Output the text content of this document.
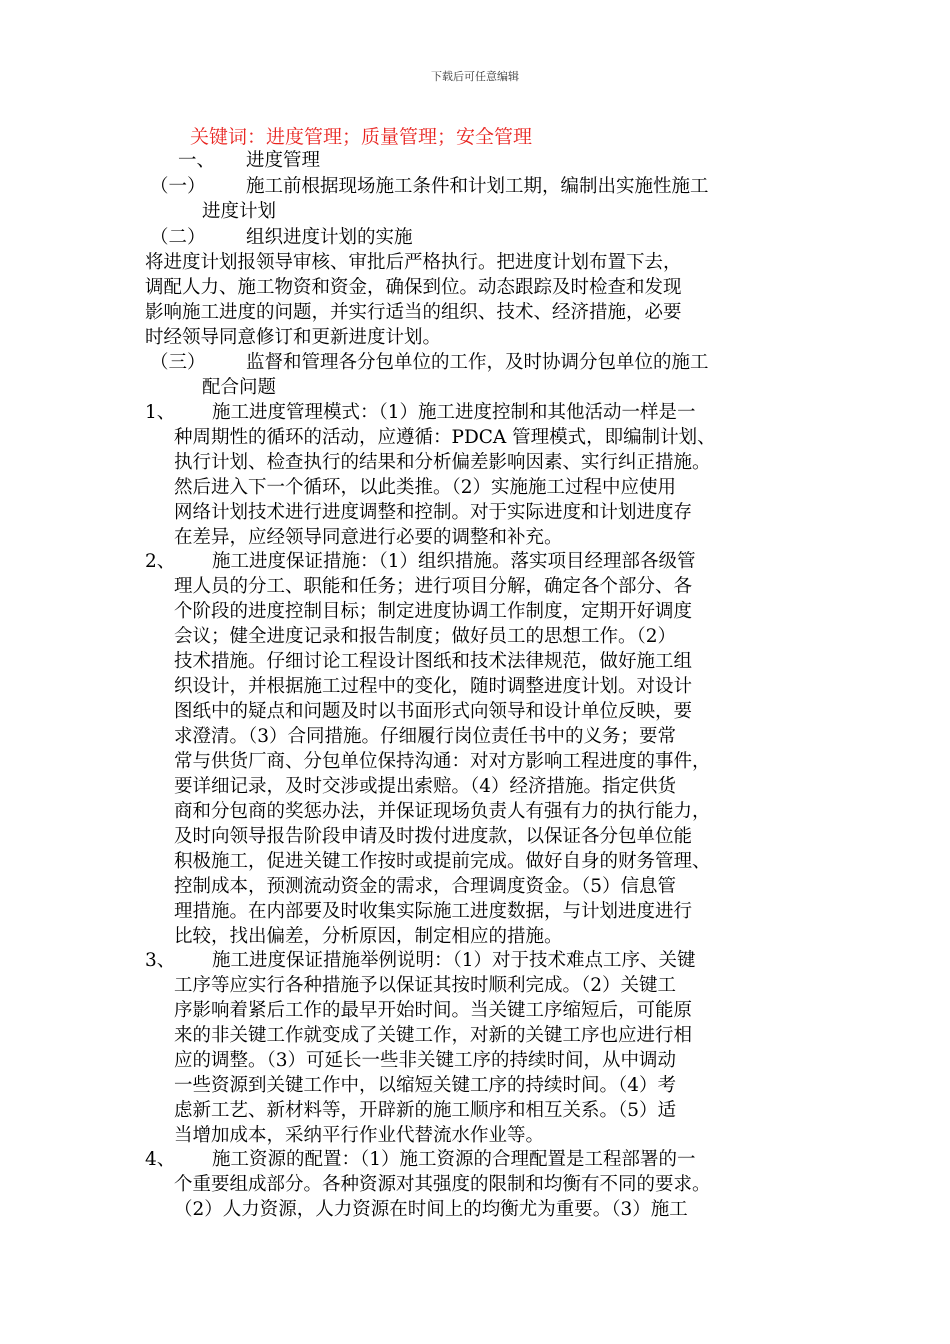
下载后可任意编辑
关键词：进度管理；质量管理；安全管理
一、 进度管理
（一） 施工前根据现场施工条件和计划工期，编制出实施性施工
进度计划
（二） 组织进度计划的实施
将进度计划报领导审核、审批后严格执行。把进度计划布置下去，
调配人力、施工物资和资金，确保到位。动态跟踪及时检查和发现
影响施工进度的问题，并实行适当的组织、技术、经济措施，必要
时经领导同意修订和更新进度计划。
（三） 监督和管理各分包单位的工作，及时协调分包单位的施工
配合问题
1、 施工进度管理模式：（1）施工进度控制和其他活动一样是一
种周期性的循环的活动，应遵循：PDCA 管理模式，即编制计划、
执行计划、检查执行的结果和分析偏差影响因素、实行纠正措施。
然后进入下一个循环，以此类推。（2）实施施工过程中应使用
网络计划技术进行进度调整和控制。对于实际进度和计划进度存
在差异，应经领导同意进行必要的调整和补充。
2、 施工进度保证措施：（1）组织措施。落实项目经理部各级管
理人员的分工、职能和任务；进行项目分解，确定各个部分、各
个阶段的进度控制目标；制定进度协调工作制度，定期开好调度
会议；健全进度记录和报告制度；做好员工的思想工作。（2）
技术措施。仔细讨论工程设计图纸和技术法律规范，做好施工组
织设计，并根据施工过程中的变化，随时调整进度计划。对设计
图纸中的疑点和问题及时以书面形式向领导和设计单位反映，要
求澄清。（3）合同措施。仔细履行岗位责任书中的义务；要常
常与供货厂商、分包单位保持沟通：对对方影响工程进度的事件，
要详细记录，及时交涉或提出索赔。（4）经济措施。指定供货
商和分包商的奖惩办法，并保证现场负责人有强有力的执行能力，
及时向领导报告阶段申请及时拨付进度款，以保证各分包单位能
积极施工，促进关键工作按时或提前完成。做好自身的财务管理、
控制成本，预测流动资金的需求，合理调度资金。（5）信息管
理措施。在内部要及时收集实际施工进度数据，与计划进度进行
比较，找出偏差，分析原因，制定相应的措施。
3、 施工进度保证措施举例说明：（1）对于技术难点工序、关键
工序等应实行各种措施予以保证其按时顺利完成。（2）关键工
序影响着紧后工作的最早开始时间。当关键工序缩短后，可能原
来的非关键工作就变成了关键工作，对新的关键工序也应进行相
应的调整。（3）可延长一些非关键工序的持续时间，从中调动
一些资源到关键工作中，以缩短关键工序的持续时间。（4）考
虑新工艺、新材料等，开辟新的施工顺序和相互关系。（5）适
当增加成本，采纳平行作业代替流水作业等。
4、 施工资源的配置：（1）施工资源的合理配置是工程部署的一
个重要组成部分。各种资源对其强度的限制和均衡有不同的要求。
（2）人力资源，人力资源在时间上的均衡尤为重要。（3）施工
